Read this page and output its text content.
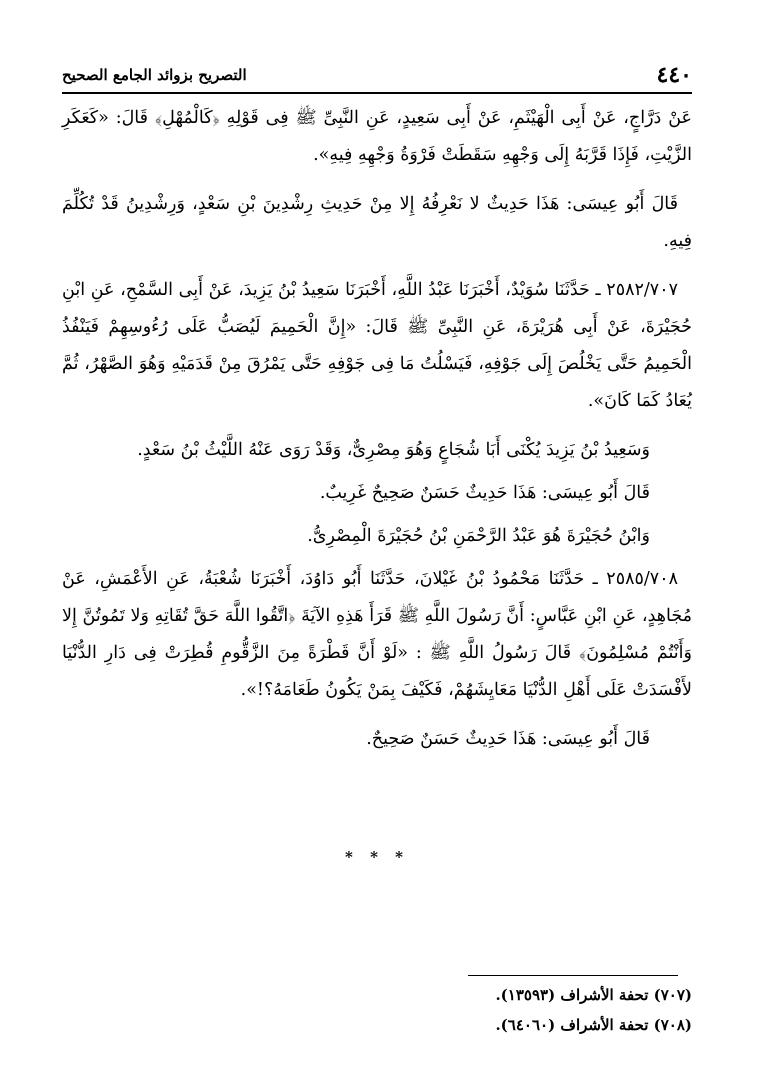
٤٤٠
التصريح بزوائد الجامع الصحيح

عَنْ دَرَّاجٍ، عَنْ أَبِى الْهَيْثَمِ، عَنْ أَبِى سَعِيدٍ، عَنِ النَّبِىِّ ﷺ فِى قَوْلِهِ ﴿كَالْمُهْلِ﴾ قَالَ: «كَعَكَرِ الزَّيْتِ، فَإِذَا قَرَّبَهُ إِلَى وَجْهِهِ سَقَطَتْ فَرْوَةُ وَجْهِهِ فِيهِ».

قَالَ أَبُو عِيسَى: هَذَا حَدِيثٌ لا نَعْرِفُهُ إِلا مِنْ حَدِيثِ رِشْدِينَ بْنِ سَعْدٍ، وَرِشْدِينُ قَدْ تُكُلِّمَ فِيهِ.

٢٥٨٢/٧٠٧ ـ حَدَّثَنَا سُوَيْدٌ، أَخْبَرَنَا عَبْدُ اللَّهِ، أَخْبَرَنَا سَعِيدُ بْنُ يَزِيدَ، عَنْ أَبِى السَّمْحِ، عَنِ ابْنِ حُجَيْرَةَ، عَنْ أَبِى هُرَيْرَةَ، عَنِ النَّبِىِّ ﷺ قَالَ: «إِنَّ الْحَمِيمَ لَيُصَبُّ عَلَى رُءُوسِهِمْ فَيَنْفُذُ الْحَمِيمُ حَتَّى يَخْلُصَ إِلَى جَوْفِهِ، فَيَسْلُتُ مَا فِى جَوْفِهِ حَتَّى يَمْرُقَ مِنْ قَدَمَيْهِ وَهُوَ الصَّهْرُ، ثُمَّ يُعَادُ كَمَا كَانَ».

وَسَعِيدُ بْنُ يَزِيدَ يُكْنَى أَبَا شُجَاعٍ وَهُوَ مِصْرِىٌّ، وَقَدْ رَوَى عَنْهُ اللَّيْثُ بْنُ سَعْدٍ.

قَالَ أَبُو عِيسَى: هَذَا حَدِيثٌ حَسَنٌ صَحِيحٌ غَرِيبٌ.

وَابْنُ حُجَيْرَةَ هُوَ عَبْدُ الرَّحْمَنِ بْنُ حُجَيْرَةَ الْمِصْرِىُّ.

٢٥٨٥/٧٠٨ ـ حَدَّثَنَا مَحْمُودُ بْنُ غَيْلانَ، حَدَّثَنَا أَبُو دَاوُدَ، أَخْبَرَنَا شُعْبَةُ، عَنِ الأَعْمَشِ، عَنْ مُجَاهِدٍ، عَنِ ابْنِ عَبَّاسٍ: أَنَّ رَسُولَ اللَّهِ ﷺ قَرَأَ هَذِهِ الآيَةَ ﴿اتَّقُوا اللَّهَ حَقَّ تُقَاتِهِ وَلا تَمُوتُنَّ إِلا وَأَنْتُمْ مُسْلِمُونَ﴾ قَالَ رَسُولُ اللَّهِ ﷺ : «لَوْ أَنَّ قَطْرَةً مِنَ الزَّقُّومِ قُطِرَتْ فِى دَارِ الدُّنْيَا لأَفْسَدَتْ عَلَى أَهْلِ الدُّنْيَا مَعَايِشَهُمْ، فَكَيْفَ بِمَنْ يَكُونُ طَعَامَهُ؟!».

قَالَ أَبُو عِيسَى: هَذَا حَدِيثٌ حَسَنٌ صَحِيحٌ.

* * *
(٧٠٧) تحفة الأشراف (١٣٥٩٣).
(٧٠٨) تحفة الأشراف (٦٤٠٦٠).
